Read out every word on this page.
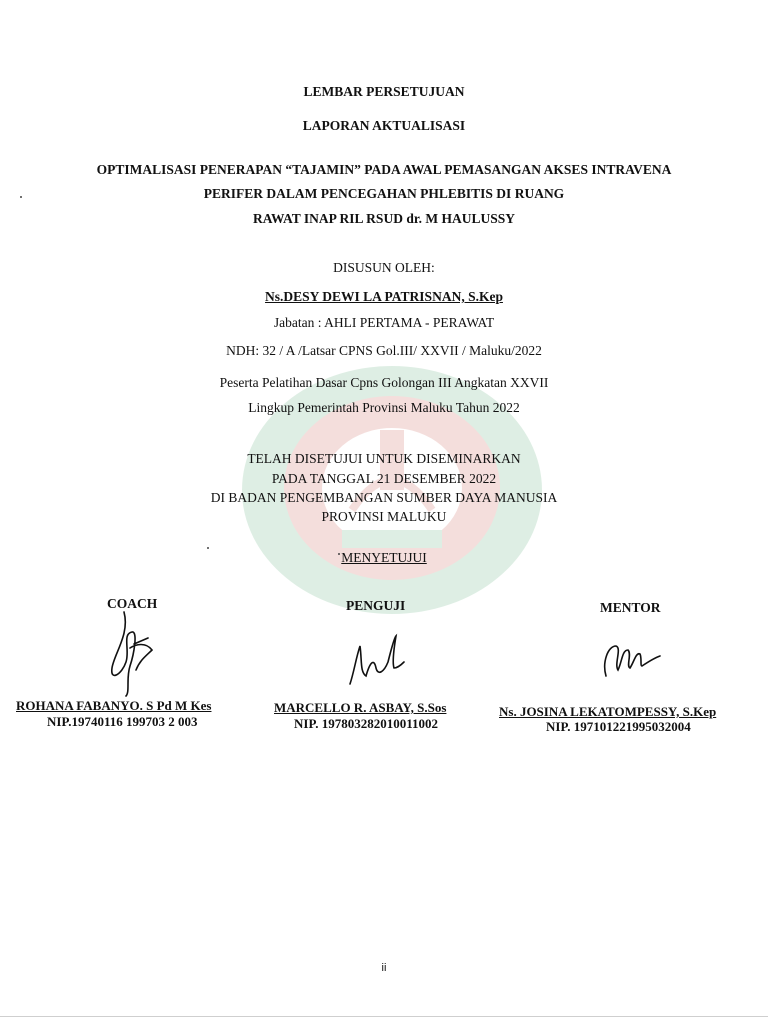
LEMBAR PERSETUJUAN
LAPORAN AKTUALISASI
OPTIMALISASI PENERAPAN “TAJAMIN” PADA AWAL PEMASANGAN AKSES INTRAVENA
PERIFER DALAM PENCEGAHAN PHLEBITIS DI RUANG
RAWAT INAP RIL RSUD dr. M HAULUSSY
DISUSUN OLEH:
Ns.DESY DEWI LA PATRISNAN, S.Kep
Jabatan : AHLI PERTAMA - PERAWAT
NDH: 32 / A /Latsar CPNS Gol.III/ XXVII / Maluku/2022
Peserta Pelatihan Dasar Cpns Golongan III Angkatan XXVII
Lingkup Pemerintah Provinsi Maluku Tahun 2022
TELAH DISETUJUI UNTUK DISEMINARKAN
PADA TANGGAL 21 DESEMBER 2022
DI BADAN PENGEMBANGAN SUMBER DAYA MANUSIA
PROVINSI MALUKU
MENYETUJUI
COACH
ROHANA FABANYO. S Pd M Kes
NIP.19740116 199703 2 003
PENGUJI
MARCELLO R. ASBAY, S.Sos
NIP. 197803282010011002
MENTOR
Ns. JOSINA LEKATOMPESSY, S.Kep
NIP. 197101221995032004
ii
